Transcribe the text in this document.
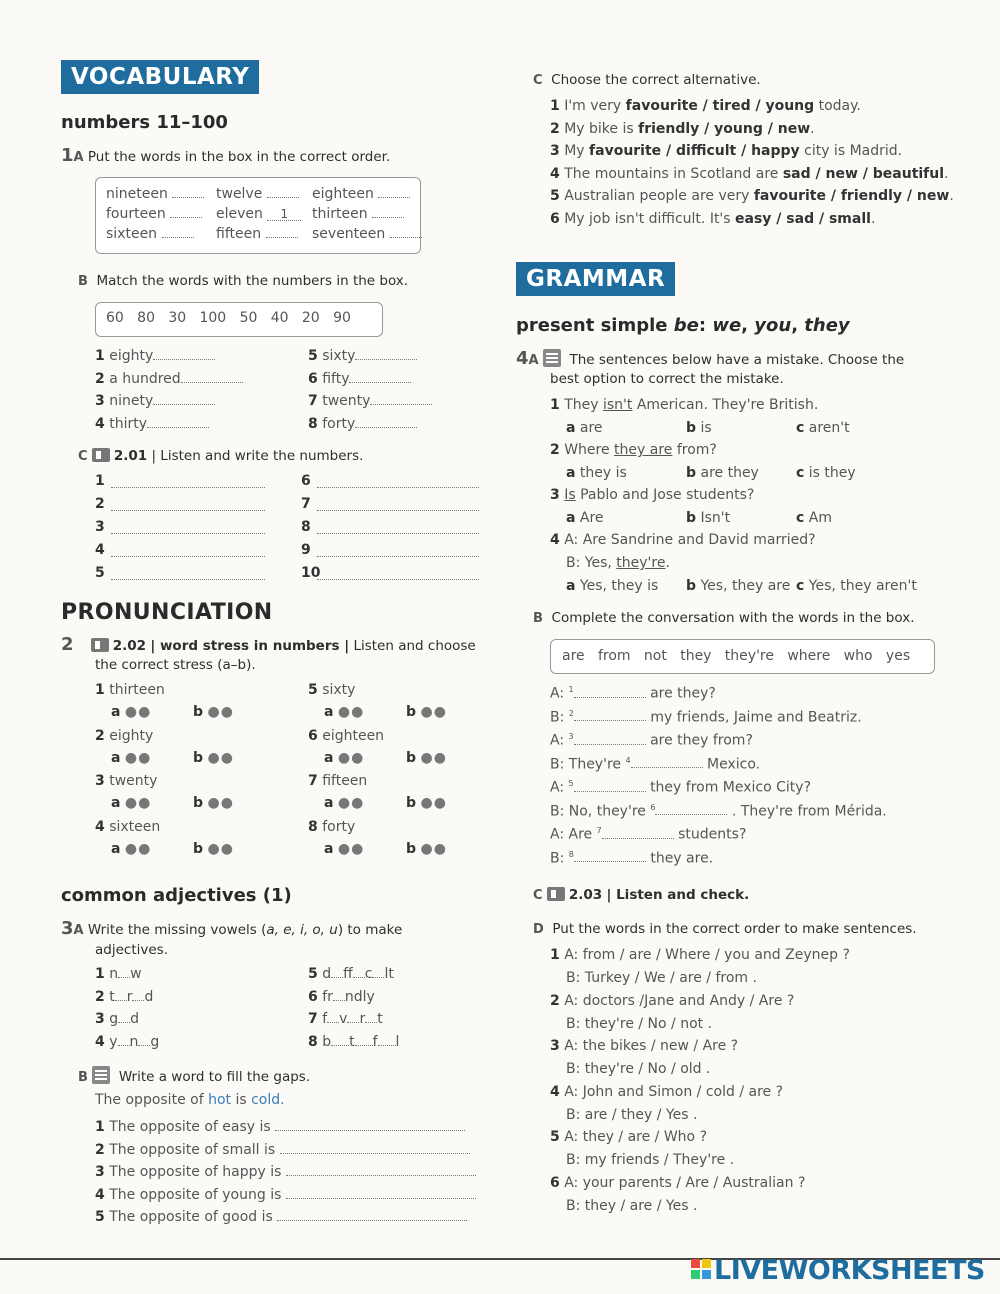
VOCABULARY
numbers 11–100
1A Put the words in the box in the correct order.
nineteen	twelve	eighteen
fourteen	eleven 1	thirteen
sixteen	fifteen	seventeen
B Match the words with the numbers in the box.
60   80   30   100   50   40   20   90
1 eighty
2 a hundred
3 ninety
4 thirty
5 sixty
6 fifty
7 twenty
8 forty
C 2.01 | Listen and write the numbers.
1
2
3
4
5
6
7
8
9
10
PRONUNCIATION
2	2.02 | word stress in numbers | Listen and choose
the correct stress (a–b).
1 thirteen
a ●●	b ●●
2 eighty
a ●●	b ●●
3 twenty
a ●●	b ●●
4 sixteen
a ●●	b ●●
5 sixty
a ●●	b ●●
6 eighteen
a ●●	b ●●
7 fifteen
a ●●	b ●●
8 forty
a ●●	b ●●
common adjectives (1)
3A Write the missing vowels (a, e, i, o, u) to make
adjectives.
1 n w
2 t r d
3 g d
4 y n g
5 d ff c lt
6 fr ndly
7 f v r t
8 b t f l
B Write a word to fill the gaps.
The opposite of hot is cold.
1 The opposite of easy is
2 The opposite of small is
3 The opposite of happy is
4 The opposite of young is
5 The opposite of good is
C Choose the correct alternative.
1 I'm very favourite / tired / young today.
2 My bike is friendly / young / new.
3 My favourite / difficult / happy city is Madrid.
4 The mountains in Scotland are sad / new / beautiful.
5 Australian people are very favourite / friendly / new.
6 My job isn't difficult. It's easy / sad / small.
GRAMMAR
present simple be: we, you, they
4A The sentences below have a mistake. Choose the
best option to correct the mistake.
1 They isn't American. They're British.
a are	b is	c aren't
2 Where they are from?
a they is	b are they	c is they
3 Is Pablo and Jose students?
a Are	b Isn't	c Am
4 A: Are Sandrine and David married?
B: Yes, they're.
a Yes, they is b Yes, they are c Yes, they aren't
B Complete the conversation with the words in the box.
are   from   not   they   they're   where   who   yes
A: $^1$	are they?
B: $^2$	my friends, Jaime and Beatriz.
A: $^3$	are they from?
B: They're $^4$	Mexico.
A: $^5$	they from Mexico City?
B: No, they're $^6$	. They're from Mérida.
A: Are $^7$	students?
B: $^8$	they are.
C 2.03 | Listen and check.
D Put the words in the correct order to make sentences.
1 A: from / are / Where / you and Zeynep ?
B: Turkey / We / are / from .
2 A: doctors /Jane and Andy / Are ?
B: they're / No / not .
3 A: the bikes / new / Are ?
B: they're / No / old .
4 A: John and Simon / cold / are ?
B: are / they / Yes .
5 A: they / are / Who ?
B: my friends / They're .
6 A: your parents / Are / Australian ?
B: they / are / Yes .
LIVEWORKSHEETS
